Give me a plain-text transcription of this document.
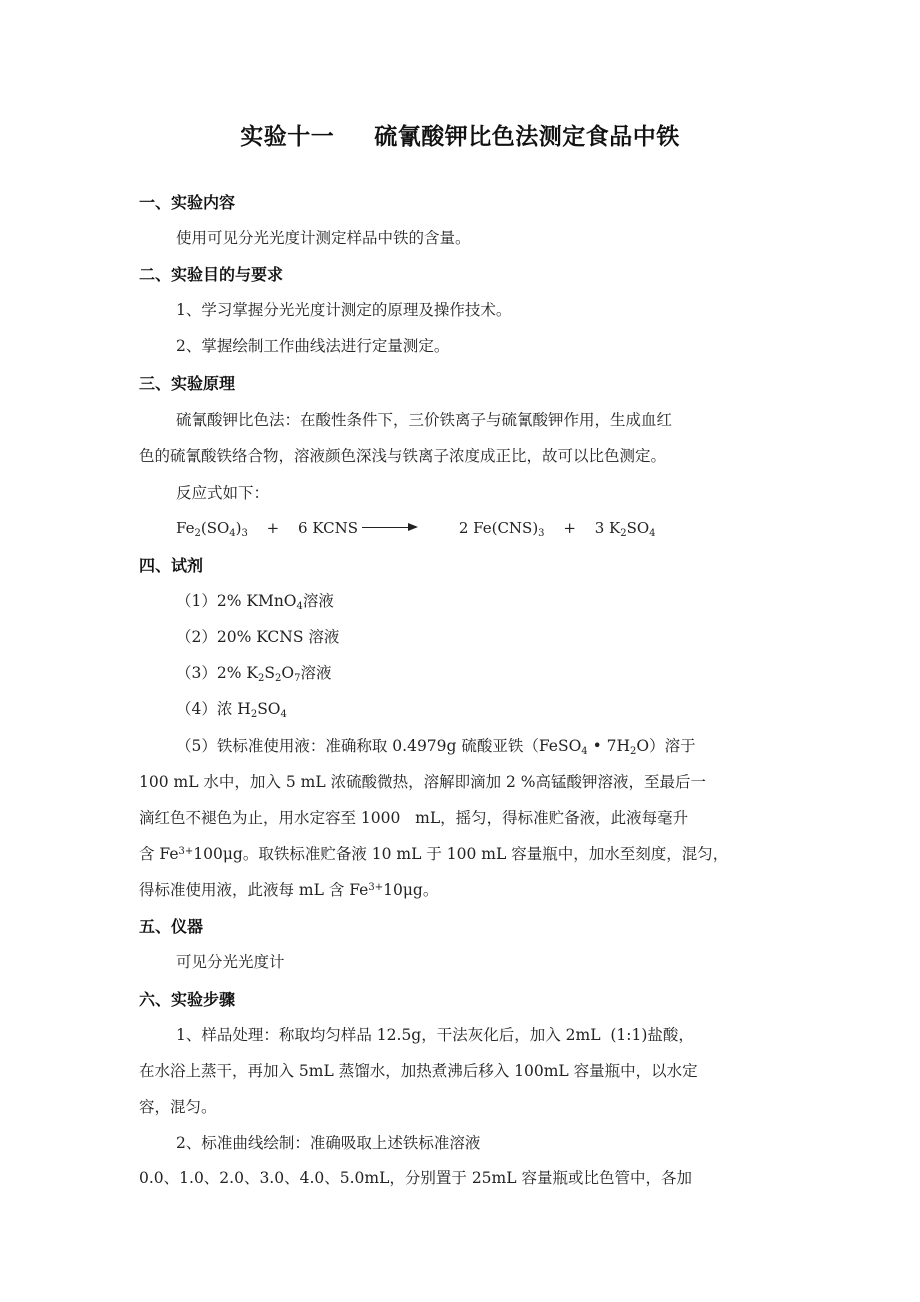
实验十一 硫氰酸钾比色法测定食品中铁
一、实验内容
使用可见分光光度计测定样品中铁的含量。
二、实验目的与要求
1、学习掌握分光光度计测定的原理及操作技术。
2、掌握绘制工作曲线法进行定量测定。
三、实验原理
硫氰酸钾比色法：在酸性条件下，三价铁离子与硫氰酸钾作用，生成血红
色的硫氰酸铁络合物，溶液颜色深浅与铁离子浓度成正比，故可以比色测定。
反应式如下：
$Fe_2(SO_4)_3 + 6$ KCNS	2 $Fe(CNS)_3 + 3$ $K_2SO_4$
四、试剂
（1）2% KMnO$_4$溶液
（2）20% KCNS 溶液
（3）2% $K_2S_2O_7$溶液
（4）浓 $H_2SO_4$
（5）铁标准使用液：准确称取 0.4979g 硫酸亚铁（FeSO$_4$ • $7H_2O$）溶于
100 mL 水中，加入 5 mL 浓硫酸微热，溶解即滴加 2 %高锰酸钾溶液，至最后一
滴红色不褪色为止，用水定容至 1000   mL，摇匀，得标准贮备液，此液每毫升
含 $Fe^{3+}100\mu g$。取铁标准贮备液 10 mL 于 100 mL 容量瓶中，加水至刻度，混匀，
得标准使用液，此液每 mL 含 $Fe^{3+}10\mu g$。
五、仪器
可见分光光度计
六、实验步骤
1、样品处理：称取均匀样品 12.5g，干法灰化后，加入 2mL  (1:1)盐酸，
在水浴上蒸干，再加入 5mL 蒸馏水，加热煮沸后移入 100mL 容量瓶中，以水定
容，混匀。
2、标准曲线绘制：准确吸取上述铁标准溶液
0.0、1.0、2.0、3.0、4.0、5.0mL，分别置于 25mL 容量瓶或比色管中，各加
